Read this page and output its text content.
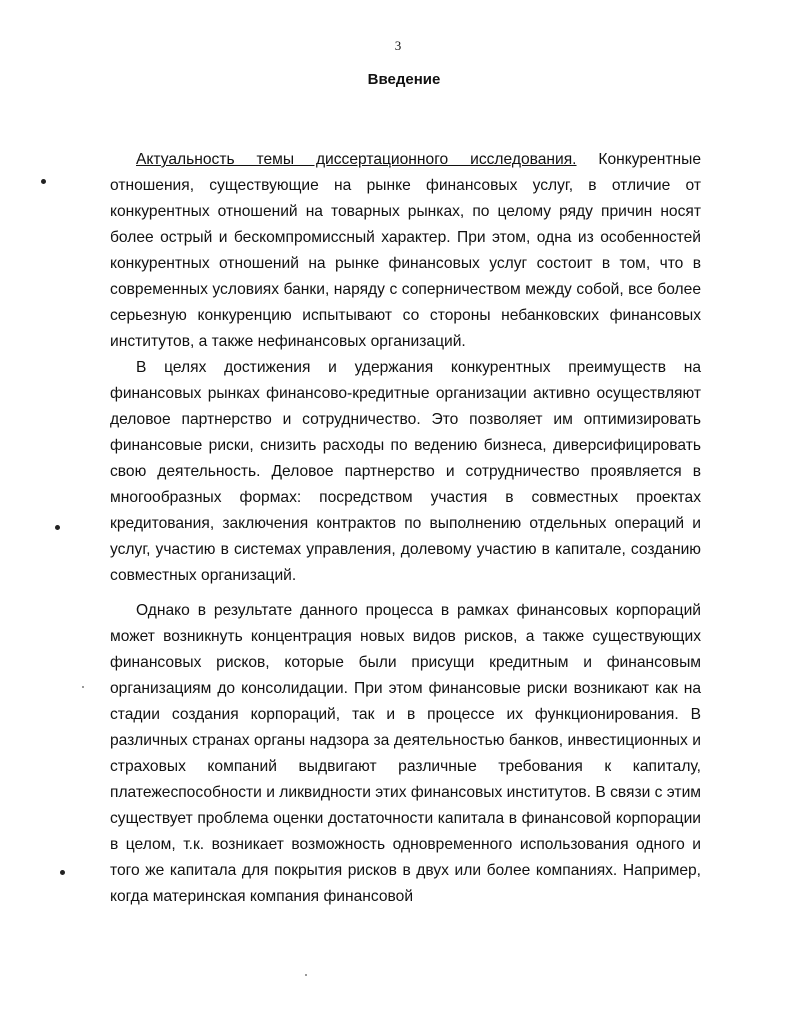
3
Введение

Актуальность темы диссертационного исследования. Конкурентные отношения, существующие на рынке финансовых услуг, в отличие от конкурентных отношений на товарных рынках, по целому ряду причин носят более острый и бескомпромиссный характер. При этом, одна из особенностей конкурентных отношений на рынке финансовых услуг состоит в том, что в современных условиях банки, наряду с соперничеством между собой, все более серьезную конкуренцию испытывают со стороны небанковских финансовых институтов, а также нефинансовых организаций.

В целях достижения и удержания конкурентных преимуществ на финансовых рынках финансово-кредитные организации активно осуществляют деловое партнерство и сотрудничество. Это позволяет им оптимизировать финансовые риски, снизить расходы по ведению бизнеса, диверсифицировать свою деятельность. Деловое партнерство и сотрудничество проявляется в многообразных формах: посредством участия в совместных проектах кредитования, заключения контрактов по выполнению отдельных операций и услуг, участию в системах управления, долевому участию в капитале, созданию совместных организаций.

Однако в результате данного процесса в рамках финансовых корпораций может возникнуть концентрация новых видов рисков, а также существующих финансовых рисков, которые были присущи кредитным и финансовым организациям до консолидации. При этом финансовые риски возникают как на стадии создания корпораций, так и в процессе их функционирования. В различных странах органы надзора за деятельностью банков, инвестиционных и страховых компаний выдвигают различные требования к капиталу, платежеспособности и ликвидности этих финансовых институтов. В связи с этим существует проблема оценки достаточности капитала в финансовой корпорации в целом, т.к. возникает возможность одновременного использования одного и того же капитала для покрытия рисков в двух или более компаниях. Например, когда материнская компания финансовой
